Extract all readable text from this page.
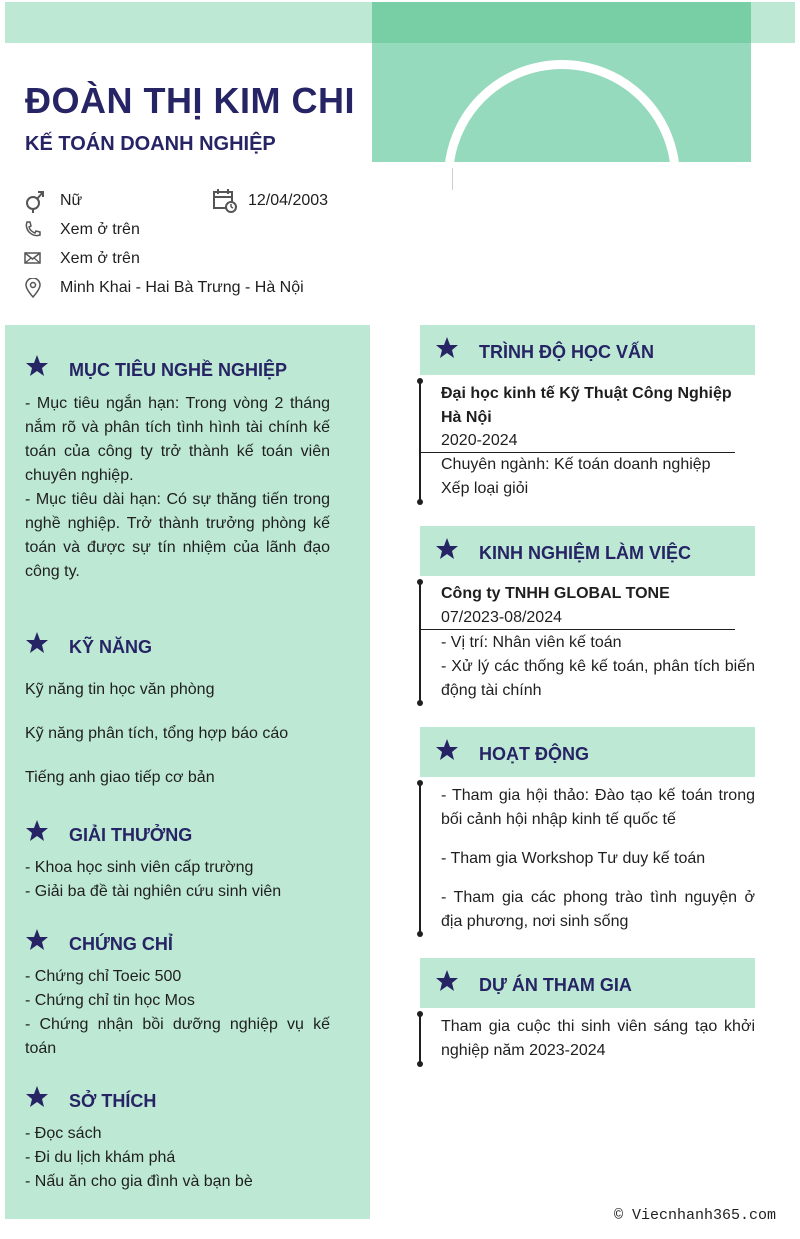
ĐOÀN THỊ KIM CHI
KẾ TOÁN DOANH NGHIỆP
Nữ	12/04/2003
Xem ở trên
Xem ở trên
Minh Khai - Hai Bà Trưng - Hà Nội
MỤC TIÊU NGHỀ NGHIỆP
- Mục tiêu ngắn hạn: Trong vòng 2 tháng nắm rõ và phân tích tình hình tài chính kế toán của công ty trở thành kế toán viên chuyên nghiệp.
- Mục tiêu dài hạn: Có sự thăng tiến trong nghề nghiệp. Trở thành trưởng phòng kế toán và được sự tín nhiệm của lãnh đạo công ty.
KỸ NĂNG
Kỹ năng tin học văn phòng
Kỹ năng phân tích, tổng hợp báo cáo
Tiếng anh giao tiếp cơ bản
GIẢI THƯỞNG
- Khoa học sinh viên cấp trường
- Giải ba đề tài nghiên cứu sinh viên
CHỨNG CHỈ
- Chứng chỉ Toeic 500
- Chứng chỉ tin học Mos
- Chứng nhận bồi dưỡng nghiệp vụ kế toán
SỞ THÍCH
- Đọc sách
- Đi du lịch khám phá
- Nấu ăn cho gia đình và bạn bè
TRÌNH ĐỘ HỌC VẤN
Đại học kinh tế Kỹ Thuật Công Nghiệp Hà Nội
2020-2024
Chuyên ngành: Kế toán doanh nghiệp
Xếp loại giỏi
KINH NGHIỆM LÀM VIỆC
Công ty TNHH GLOBAL TONE
07/2023-08/2024
- Vị trí: Nhân viên kế toán
- Xử lý các thống kê kế toán, phân tích biến động tài chính
HOẠT ĐỘNG
- Tham gia hội thảo: Đào tạo kế toán trong bối cảnh hội nhập kinh tế quốc tế
- Tham gia Workshop Tư duy kế toán
- Tham gia các phong trào tình nguyện ở địa phương, nơi sinh sống
DỰ ÁN THAM GIA
Tham gia cuộc thi sinh viên sáng tạo khởi nghiệp năm 2023-2024
© Viecnhanh365.com
